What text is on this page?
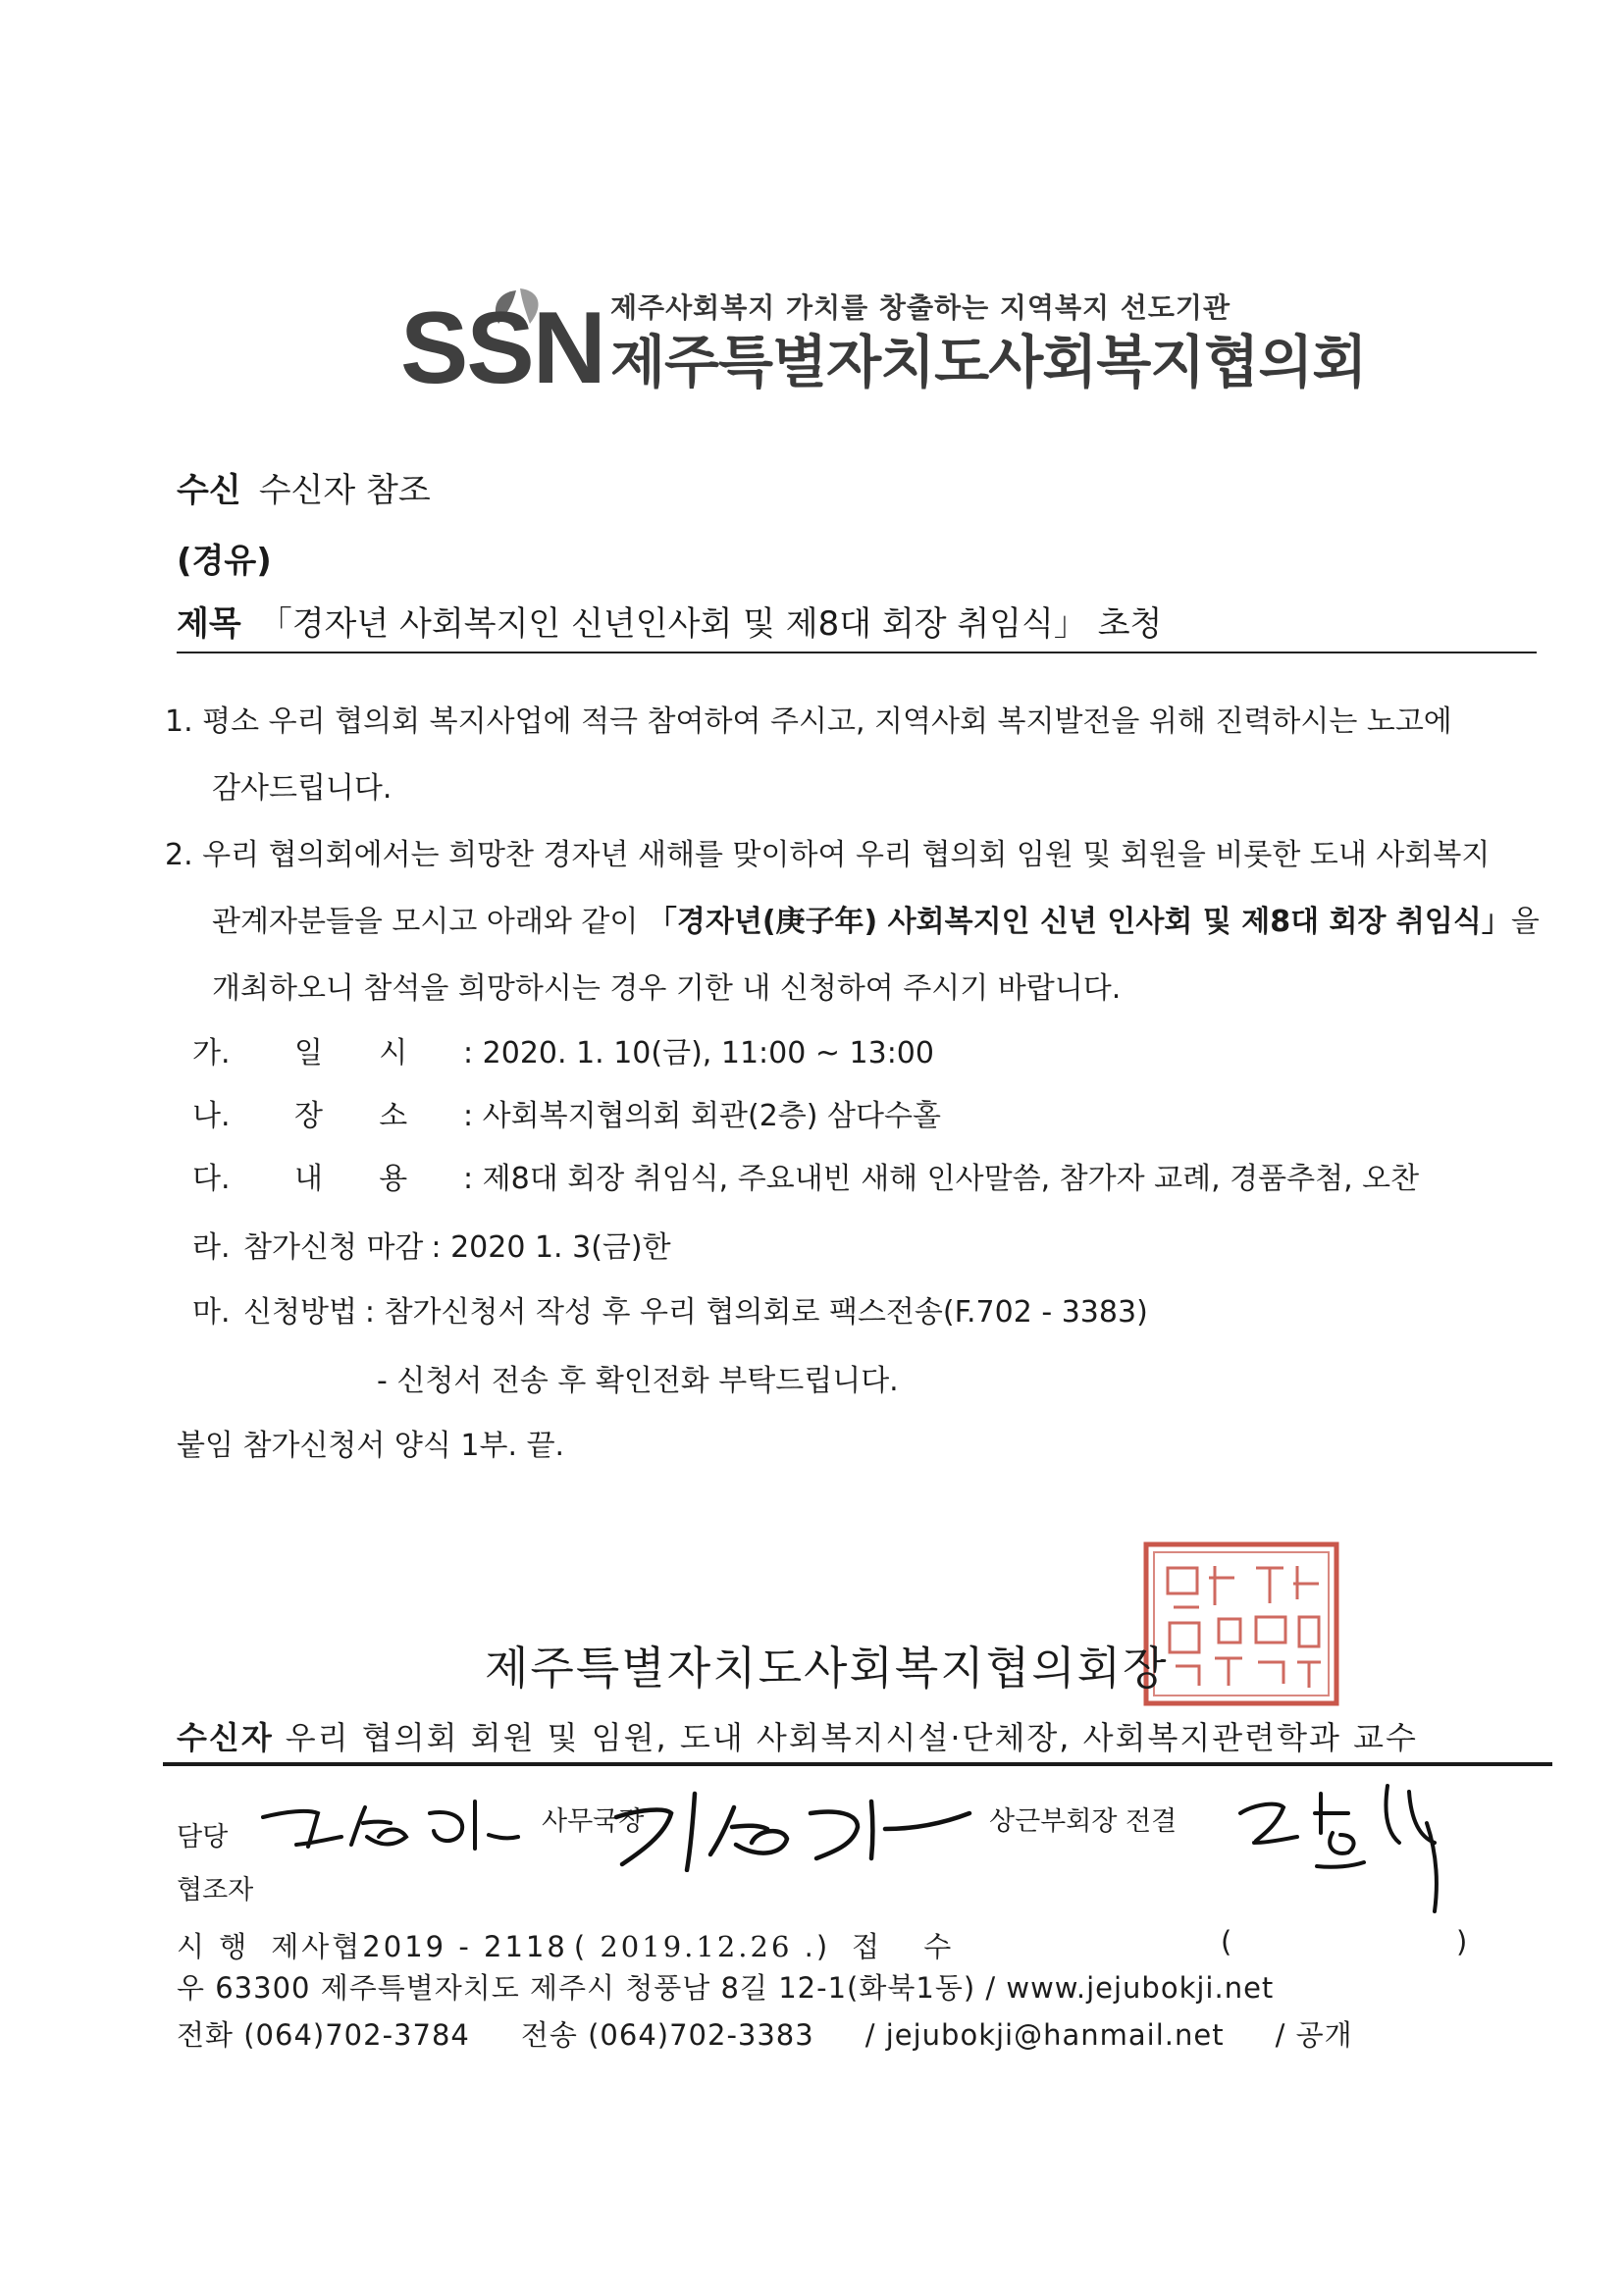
SSN 제주사회복지 가치를 창출하는 지역복지 선도기관
제주특별자치도사회복지협의회
수신 수신자 참조
(경유)
제목 「경자년 사회복지인 신년인사회 및 제8대 회장 취임식」 초청
1. 평소 우리 협의회 복지사업에 적극 참여하여 주시고, 지역사회 복지발전을 위해 진력하시는 노고에
감사드립니다.
2. 우리 협의회에서는 희망찬 경자년 새해를 맞이하여 우리 협의회 임원 및 회원을 비롯한 도내 사회복지
관계자분들을 모시고 아래와 같이 「경자년(庚子年) 사회복지인 신년 인사회 및 제8대 회장 취임식」을
개최하오니 참석을 희망하시는 경우 기한 내 신청하여 주시기 바랍니다.
가. 일      시 : 2020. 1. 10(금), 11:00 ~ 13:00
나. 장      소 : 사회복지협의회 회관(2층) 삼다수홀
다. 내      용 : 제8대 회장 취임식, 주요내빈 새해 인사말씀, 참가자 교례, 경품추첨, 오찬
라. 참가신청 마감 : 2020 1. 3(금)한
마. 신청방법 : 참가신청서 작성 후 우리 협의회로 팩스전송(F.702 - 3383)
- 신청서 전송 후 확인전화 부탁드립니다.
붙임 참가신청서 양식 1부. 끝.
제주특별자치도사회복지협의회장
수신자 우리 협의회 회원 및 임원, 도내 사회복지시설·단체장, 사회복지관련학과 교수
담당
사무국장	상근부회장 전결
협조자
시 행 제사협2019 - 2118 ( 2019.12.26 .) 접 수	(	)
우 63300 제주특별자치도 제주시 청풍남 8길 12-1(화북1동) / www.jejubokji.net
전화 (064)702-3784 전송 (064)702-3383 / jejubokji@hanmail.net / 공개
